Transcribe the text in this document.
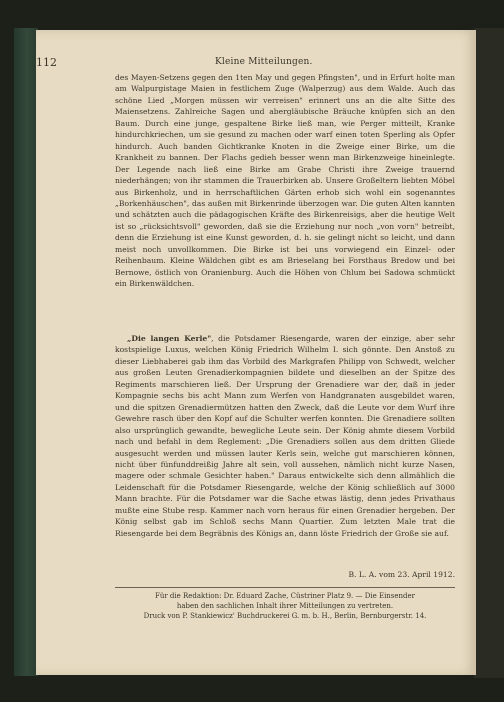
112	Kleine Mitteilungen.

des Mayen-Setzens gegen den 1ten May und gegen Pfingsten", und in Erfurt holte man am Walpurgistage Maien in festlichem Zuge (Walperzug) aus dem Walde. Auch das schöne Lied „Morgen müssen wir verreisen" erinnert uns an die alte Sitte des Maiensetzens. Zahlreiche Sagen und abergläubische Bräuche knüpfen sich an den Baum. Durch eine junge, gespaltene Birke ließ man, wie Perger mitteilt, Kranke hindurchkriechen, um sie gesund zu machen oder warf einen toten Sperling als Opfer hindurch. Auch banden Gichtkranke Knoten in die Zweige einer Birke, um die Krankheit zu bannen. Der Flachs gedieh besser wenn man Birkenzweige hineinlegte. Der Legende nach ließ eine Birke am Grabe Christi ihre Zweige trauernd niederhängen; von ihr stammen die Trauerbirken ab. Unsere Großeltern liebten Möbel aus Birkenholz, und in herrschaftlichen Gärten erhob sich wohl ein sogenanntes „Borkenhäuschen", das außen mit Birkenrinde überzogen war. Die guten Alten kannten und schätzten auch die pädagogischen Kräfte des Birkenreisigs, aber die heutige Welt ist so „rücksichtsvoll" geworden, daß sie die Erziehung nur noch „von vorn" betreibt, denn die Erziehung ist eine Kunst geworden, d. h. sie gelingt nicht so leicht, und dann meist noch unvollkommen. Die Birke ist bei uns vorwiegend ein Einzel- oder Reihenbaum. Kleine Wäldchen gibt es am Brieselang bei Forsthaus Bredow und bei Bernowe, östlich von Oranienburg. Auch die Höhen von Chlum bei Sadowa schmückt ein Birkenwäldchen.

„Die langen Kerle", die Potsdamer Riesengarde, waren der einzige, aber sehr kostspielige Luxus, welchen König Friedrich Wilhelm I. sich gönnte. Den Anstoß zu dieser Liebhaberei gab ihm das Vorbild des Markgrafen Philipp von Schwedt, welcher aus großen Leuten Grenadierkompagnien bildete und dieselben an der Spitze des Regiments marschieren ließ. Der Ursprung der Grenadiere war der, daß in jeder Kompagnie sechs bis acht Mann zum Werfen von Handgranaten ausgebildet waren, und die spitzen Grenadiermützen hatten den Zweck, daß die Leute vor dem Wurf ihre Gewehre rasch über den Kopf auf die Schulter werfen konnten. Die Grenadiere sollten also ursprünglich gewandte, bewegliche Leute sein. Der König ahmte diesem Vorbild nach und befahl in dem Reglement: „Die Grenadiers sollen aus dem dritten Gliede ausgesucht werden und müssen lauter Kerls sein, welche gut marschieren können, nicht über fünfunddreißig Jahre alt sein, voll aussehen, nämlich nicht kurze Nasen, magere oder schmale Gesichter haben." Daraus entwickelte sich denn allmählich die Leidenschaft für die Potsdamer Riesengarde, welche der König schließlich auf 3000 Mann brachte. Für die Potsdamer war die Sache etwas lästig, denn jedes Privathaus mußte eine Stube resp. Kammer nach vorn heraus für einen Grenadier hergeben. Der König selbst gab im Schloß sechs Mann Quartier. Zum letzten Male trat die Riesengarde bei dem Begräbnis des Königs an, dann löste Friedrich der Große sie auf.

B. L. A. vom 23. April 1912.
Für die Redaktion: Dr. Eduard Zache, Cüstriner Platz 9. — Die Einsender
haben den sachlichen Inhalt ihrer Mitteilungen zu vertreten.
Druck von P. Stankiewicz' Buchdruckerei G. m. b. H., Berlin, Bernburgerstr. 14.
